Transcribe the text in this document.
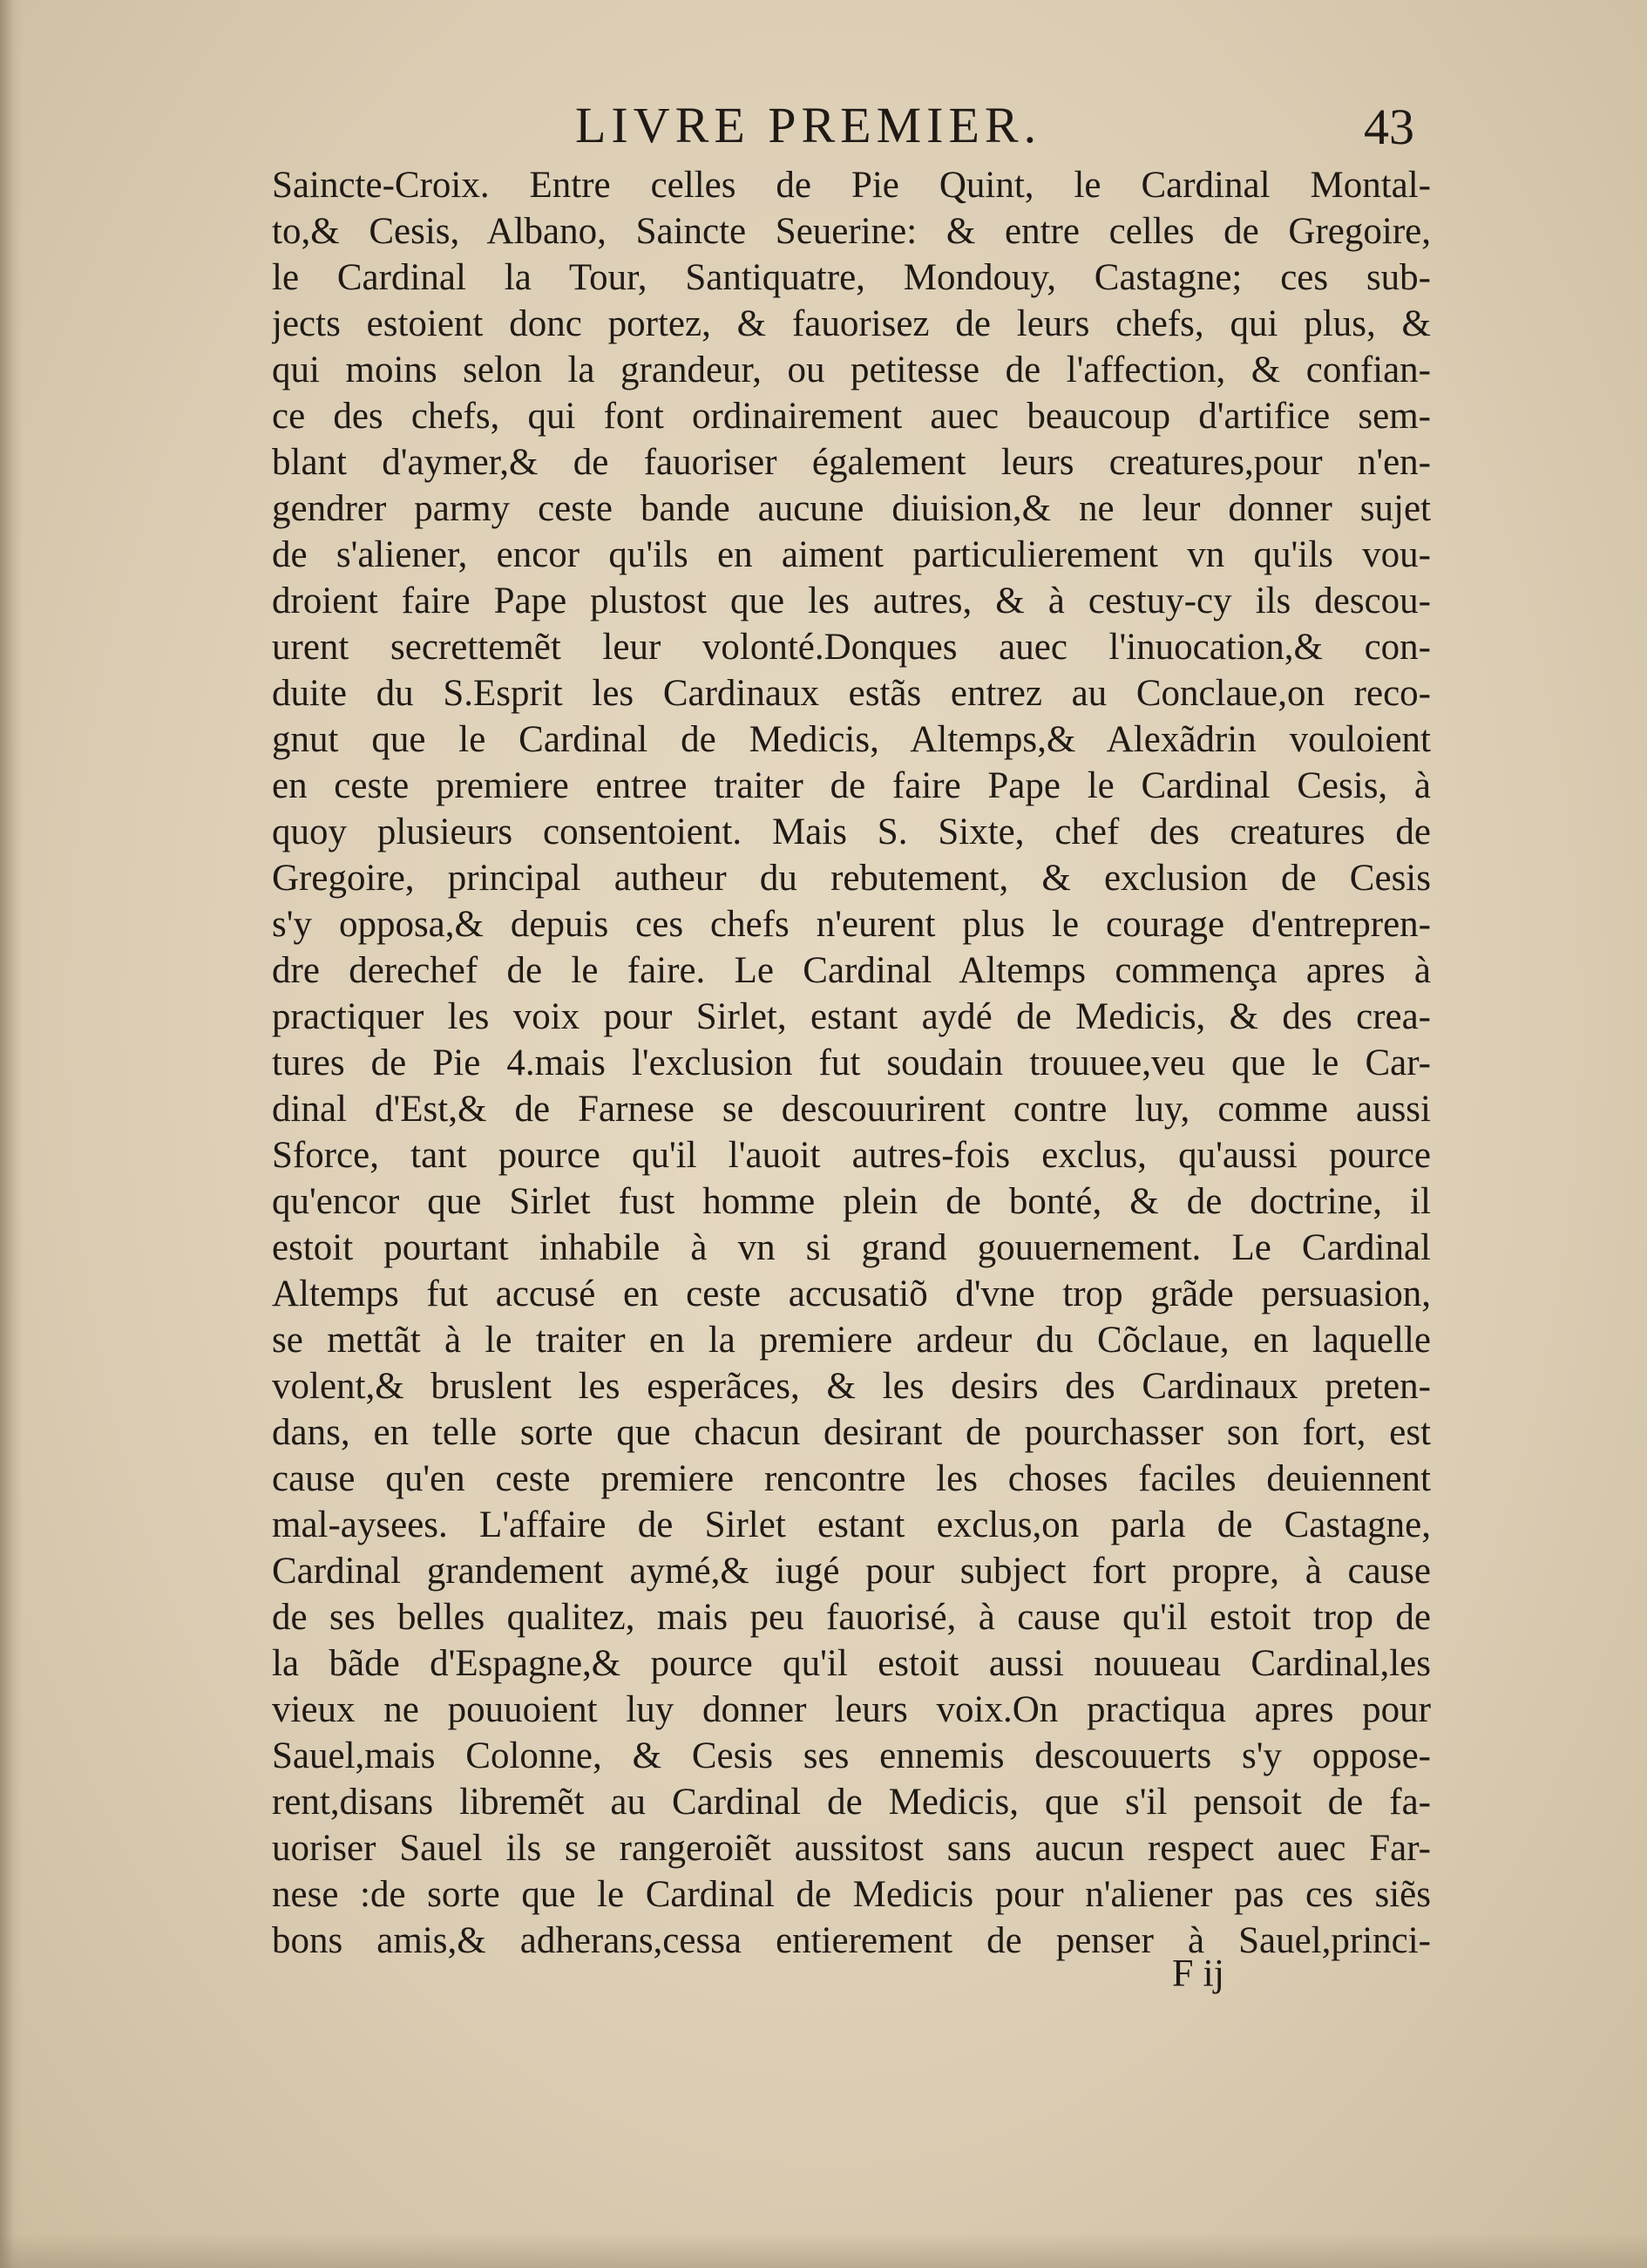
LIVRE PREMIER.	43
Saincte-Croix. Entre celles de Pie Quint, le Cardinal Montal-
to,& Cesis, Albano, Saincte Seuerine: & entre celles de Gregoire,
le Cardinal la Tour, Santiquatre, Mondouy, Castagne; ces sub-
jects estoient donc portez, & fauorisez de leurs chefs, qui plus, &
qui moins selon la grandeur, ou petitesse de l'affection, & confian-
ce des chefs, qui font ordinairement auec beaucoup d'artifice sem-
blant d'aymer,& de fauoriser également leurs creatures,pour n'en-
gendrer parmy ceste bande aucune diuision,& ne leur donner sujet
de s'aliener, encor qu'ils en aiment particulierement vn qu'ils vou-
droient faire Pape plustost que les autres, & à cestuy-cy ils descou-
urent secrettemẽt leur volonté.Donques auec l'inuocation,& con-
duite du S.Esprit les Cardinaux estãs entrez au Conclaue,on reco-
gnut que le Cardinal de Medicis, Altemps,& Alexãdrin vouloient
en ceste premiere entree traiter de faire Pape le Cardinal Cesis, à
quoy plusieurs consentoient. Mais S. Sixte, chef des creatures de
Gregoire, principal autheur du rebutement, & exclusion de Cesis
s'y opposa,& depuis ces chefs n'eurent plus le courage d'entrepren-
dre derechef de le faire. Le Cardinal Altemps commença apres à
practiquer les voix pour Sirlet, estant aydé de Medicis, & des crea-
tures de Pie 4.mais l'exclusion fut soudain trouuee,veu que le Car-
dinal d'Est,& de Farnese se descouurirent contre luy, comme aussi
Sforce, tant pource qu'il l'auoit autres-fois exclus, qu'aussi pource
qu'encor que Sirlet fust homme plein de bonté, & de doctrine, il
estoit pourtant inhabile à vn si grand gouuernement. Le Cardinal
Altemps fut accusé en ceste accusatiõ d'vne trop grãde persuasion,
se mettãt à le traiter en la premiere ardeur du Cõclaue, en laquelle
volent,& bruslent les esperãces, & les desirs des Cardinaux preten-
dans, en telle sorte que chacun desirant de pourchasser son fort, est
cause qu'en ceste premiere rencontre les choses faciles deuiennent
mal-aysees. L'affaire de Sirlet estant exclus,on parla de Castagne,
Cardinal grandement aymé,& iugé pour subject fort propre, à cause
de ses belles qualitez, mais peu fauorisé, à cause qu'il estoit trop de
la bãde d'Espagne,& pource qu'il estoit aussi nouueau Cardinal,les
vieux ne pouuoient luy donner leurs voix.On practiqua apres pour
Sauel,mais Colonne, & Cesis ses ennemis descouuerts s'y oppose-
rent,disans libremẽt au Cardinal de Medicis, que s'il pensoit de fa-
uoriser Sauel ils se rangeroiẽt aussitost sans aucun respect auec Far-
nese :de sorte que le Cardinal de Medicis pour n'aliener pas ces siẽs
bons amis,& adherans,cessa entierement de penser à Sauel,princi-
F ij
